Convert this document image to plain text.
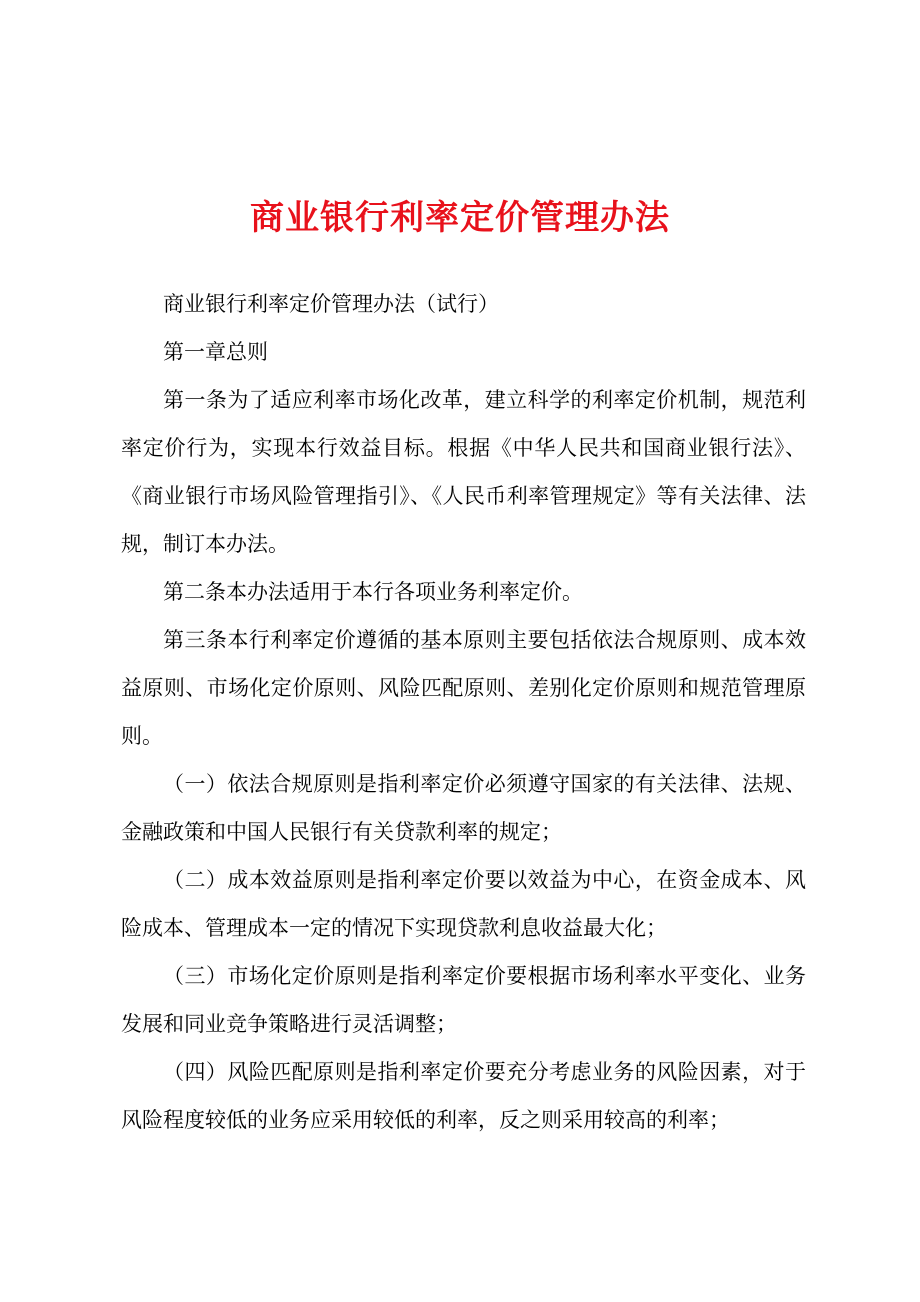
商业银行利率定价管理办法

商业银行利率定价管理办法（试行）

第一章总则

第一条为了适应利率市场化改革，建立科学的利率定价机制，规范利率定价行为，实现本行效益目标。根据《中华人民共和国商业银行法》、《商业银行市场风险管理指引》、《人民币利率管理规定》等有关法律、法规，制订本办法。

第二条本办法适用于本行各项业务利率定价。

第三条本行利率定价遵循的基本原则主要包括依法合规原则、成本效益原则、市场化定价原则、风险匹配原则、差别化定价原则和规范管理原则。

（一）依法合规原则是指利率定价必须遵守国家的有关法律、法规、金融政策和中国人民银行有关贷款利率的规定；

（二）成本效益原则是指利率定价要以效益为中心，在资金成本、风险成本、管理成本一定的情况下实现贷款利息收益最大化；

（三）市场化定价原则是指利率定价要根据市场利率水平变化、业务发展和同业竞争策略进行灵活调整；

（四）风险匹配原则是指利率定价要充分考虑业务的风险因素，对于风险程度较低的业务应采用较低的利率，反之则采用较高的利率；
